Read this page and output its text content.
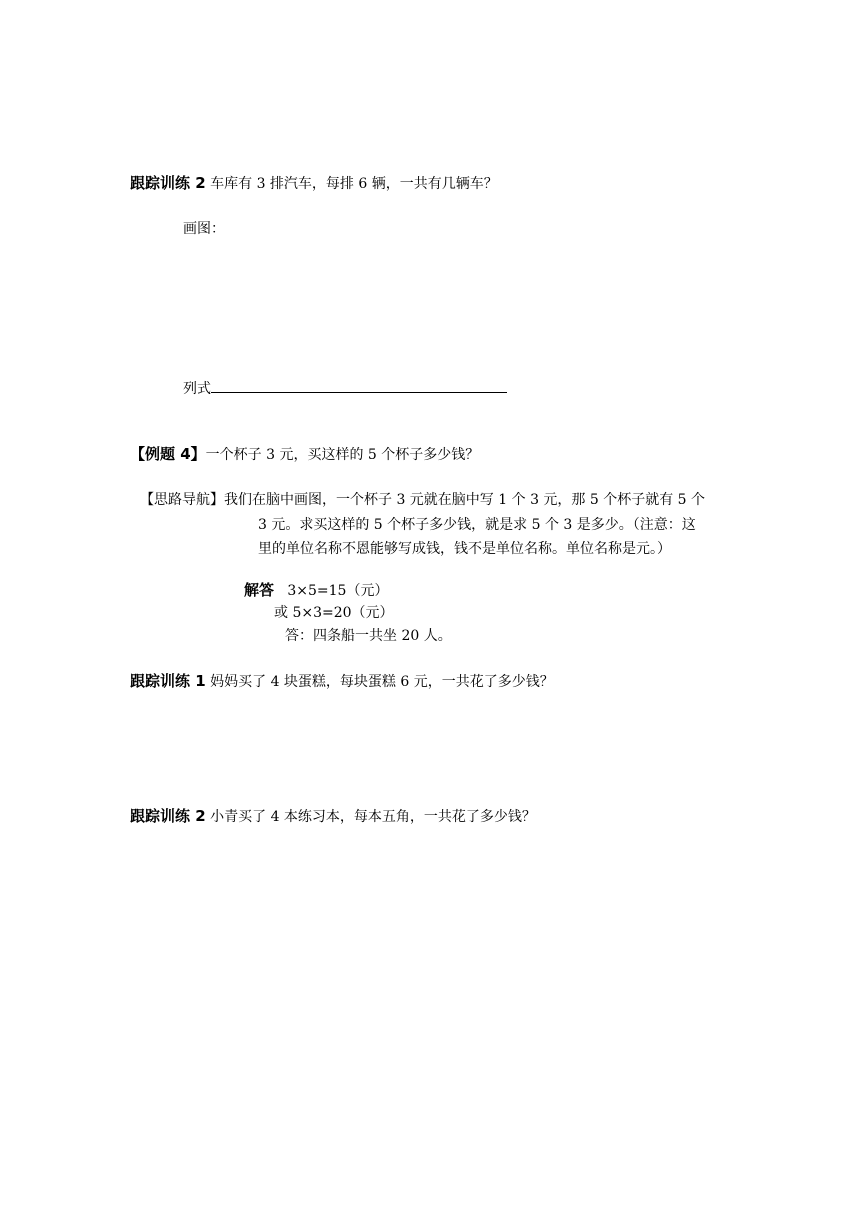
跟踪训练 2 车库有 3 排汽车，每排 6 辆，一共有几辆车？
画图：
列式
【例题 4】一个杯子 3 元，买这样的 5 个杯子多少钱？
【思路导航】我们在脑中画图，一个杯子 3 元就在脑中写 1 个 3 元，那 5 个杯子就有 5 个
3 元。求买这样的 5 个杯子多少钱，就是求 5 个 3 是多少。（注意：这
里的单位名称不恩能够写成钱，钱不是单位名称。单位名称是元。）
解答 3×5=15（元）
或 5×3=20（元）
答：四条船一共坐 20 人。
跟踪训练 1 妈妈买了 4 块蛋糕，每块蛋糕 6 元，一共花了多少钱？
跟踪训练 2 小青买了 4 本练习本，每本五角，一共花了多少钱？
